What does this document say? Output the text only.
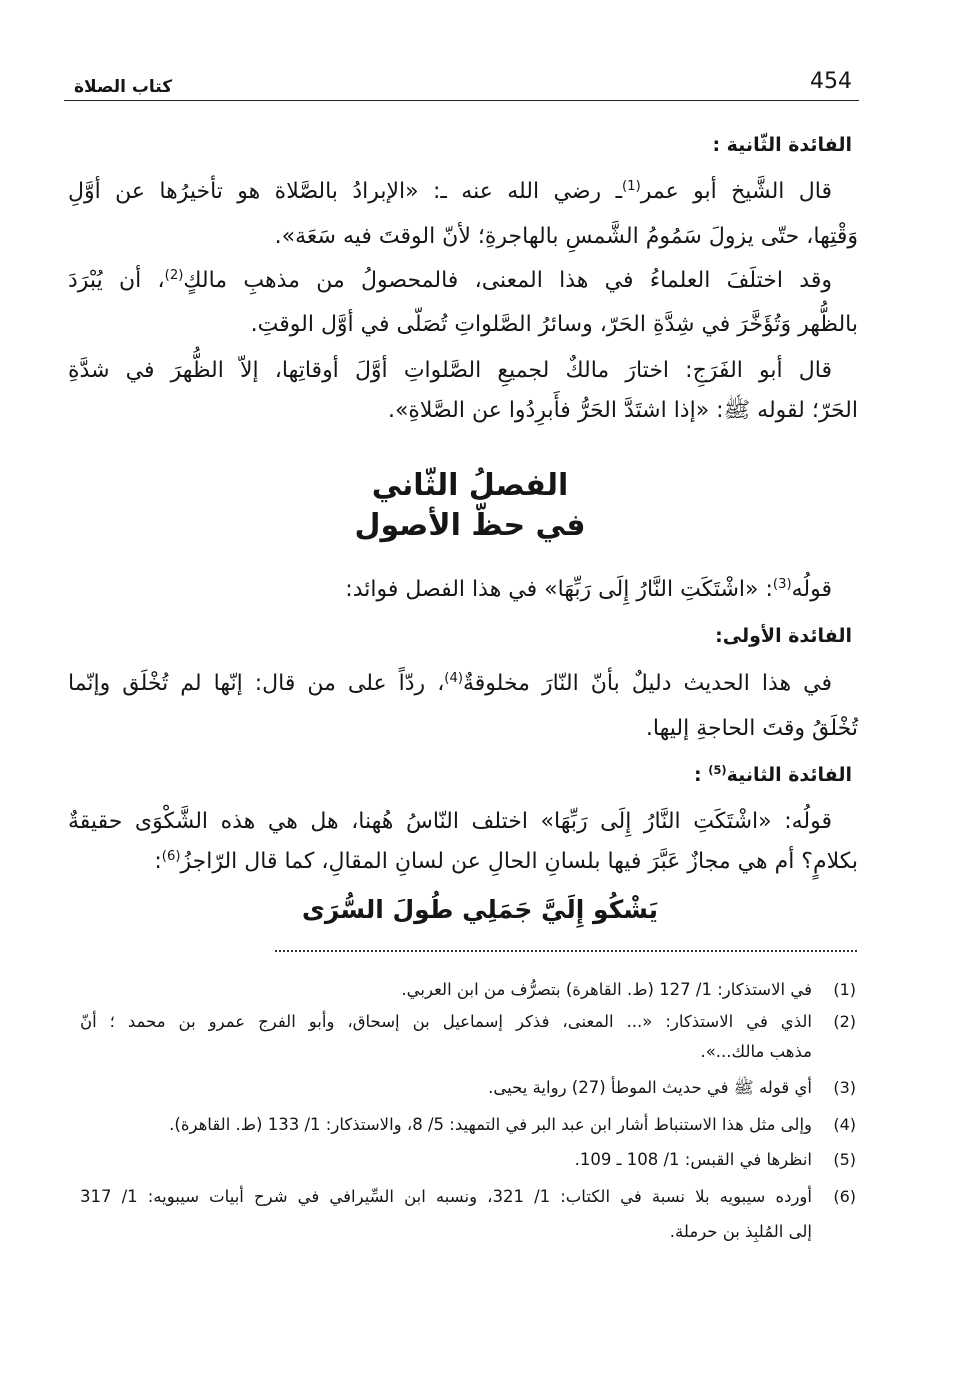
454
كتاب الصلاة
الفائدة الثّانية :
قال الشَّيخ أبو عمر$^{(1)}$ـ رضي الله عنه ـ: «الإبرادُ بالصَّلاة هو تأخيرُها عن أوَّلِ
وَقْتِها، حتّى يزولَ سَمُومُ الشَّمسِ بالهاجرةِ؛ لأنّ الوقتَ فيه سَعَة».
وقد اختلَفَ العلماءُ في هذا المعنى، فالمحصولُ من مذهبِ مالكٍ$^{(2)}$، أن يُبْرَدَ
بالظُّهر وَتُؤَخَّرَ في شِدَّةِ الحَرّ، وسائرُ الصَّلواتِ تُصَلّى في أوَّل الوقتِ.
قال أبو الفَرَجِ: اختارَ مالكٌ لجميعِ الصَّلواتِ أوَّلَ أوقاتِها، إلاّ الظُّهرَ في شدَّةِ
الحَرّ؛ لقوله ﷺ: «إذا اشتَدَّ الحَرُّ فأَبرِدُوا عن الصَّلاةِ».
الفصلُ الثّاني
في حظّ الأصول
قولُه$^{(3)}$: «اشْتَكَتِ النَّارُ إِلَى رَبِّهَا» في هذا الفصل فوائد:
الفائدة الأولى:
في هذا الحديث دليلٌ بأنّ النّارَ مخلوقةٌ$^{(4)}$، ردّاً على من قال: إنّها لم تُخْلَق وإنّما
تُخْلَقُ وقتَ الحاجةِ إليها.
الفائدة الثانية$^{(5)}$ :
قولُه: «اشْتَكَتِ النَّارُ إِلَى رَبِّهَا» اختلف النّاسُ هُهنا، هل هي هذه الشَّكْوَى حقيقةٌ
بكلامٍ؟ أم هي مجازٌ عَبَّرَ فيها بلسانِ الحالِ عن لسانِ المقالِ، كما قال الرّاجزُ$^{(6)}$:
يَشْكُو إِلَيَّ جَمَلِي طُولَ السُّرَى
(1)
في الاستذكار: 1/ 127 (ط. القاهرة) بتصرُّف من ابن العربي.
(2)
الذي في الاستذكار: «... المعنى، فذكر إسماعيل بن إسحاق، وأبو الفرج عمرو بن محمد ؛ أنّ
مذهب مالك...».
(3)
أي قوله ﷺ في حديث الموطأ (27) رواية يحيى.
(4)
وإلى مثل هذا الاستنباط أشار ابن عبد البر في التمهيد: 5/ 8، والاستذكار: 1/ 133 (ط. القاهرة).
(5)
انظرها في القبس: 1/ 108 ـ 109.
(6)
أورده سيبويه بلا نسبة في الكتاب: 1/ 321، ونسبه ابن السِّيرافي في شرح أبيات سيبويه: 1/ 317
إلى المُلبِذ بن حرملة.
